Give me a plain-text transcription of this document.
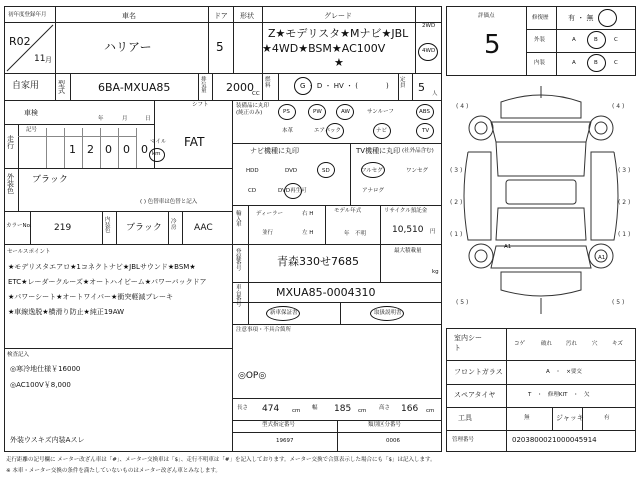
初年度登録年月
R02
11 月
車名
ハリアー
ドア
5
形状	グレード
Z★モデリスタ★Mナビ★JBL
★4WD★BSM★AC100V
★
2WD
4WD
自家用	型式	6BA-MXUA85
排気量 2000
CC
燃料	G ・ D ・ HV ・ (　　　　)
定員 5 人
車検
年	月	日
シフト
FAT
走行
記号
1 2 0 0 0
マイル
km
外装色
ブラック
( ) 色替車は色替と記入
カラーNo. 219
内装色 ブラック
冷房 AAC
セールスポイント
★モデリスタエアロ★1コネクトナビ★JBLサウンド★BSM★
ETC★レーダークルーズ★オートハイビーム★パワーバックドア
★パワーシート★オートワイパー★衝突軽減ブレーキ
★車線逸脱★横滑り防止★純正19AW
検査記入
◎寒冷地仕様￥16000
◎AC100V￥8,000
外装ウスキズ内装Aスレ
装備品に丸印
(純正のみ)	PS	PW	AW	サンルーフ	ABS
本革	エアバック	ナビ	TV
ナビ機種に丸印
HDD	DVD	SD
CD	DVD再生可
TV機種に丸印 (社外品含む)
フルセグ	ワンセグ
アナログ
輸入車
ディーラー
並行
右 H
左 H
モデル年式
年　不明
リサイクル預託金
10,510 円
登録番号
青森330せ7685
最大積載量
kg
車台番号
MXUA85-0004310
新車保証書	取扱説明書
注意事項・不具合箇所
◎OP◎
長さ 474 cm 幅 185 cm 高さ 166 cm
型式指定番号
19697
類別区分番号
0006
評価点
5
修復歴	有 ・ 無
外装	A	B	C
内装	A	B	C
( 4 )	( 4 )
( 3 )	( 3 )
( 2 )	( 2 )
( 1 )	( 1 )
( 5 )	( 5 )
A1
A1
室内シート	コゲ	破れ	汚れ	穴	キズ
フロントガラス	A　・　×要交
スペアタイヤ	T　・　修理KIT　・　欠
工具	無	ジャッキ	有
管理番号	0203800021000045914
走行距離の記号欄に メーター改ざん車は「#」、メーター交換車は「$」、走行不明車は「#」を記入しております。メーター交換で合算表示した場合にも「$」は記入します。
※ 本車・メーター交換の条件を満たしていないものはメーター改ざん車とみなします。
